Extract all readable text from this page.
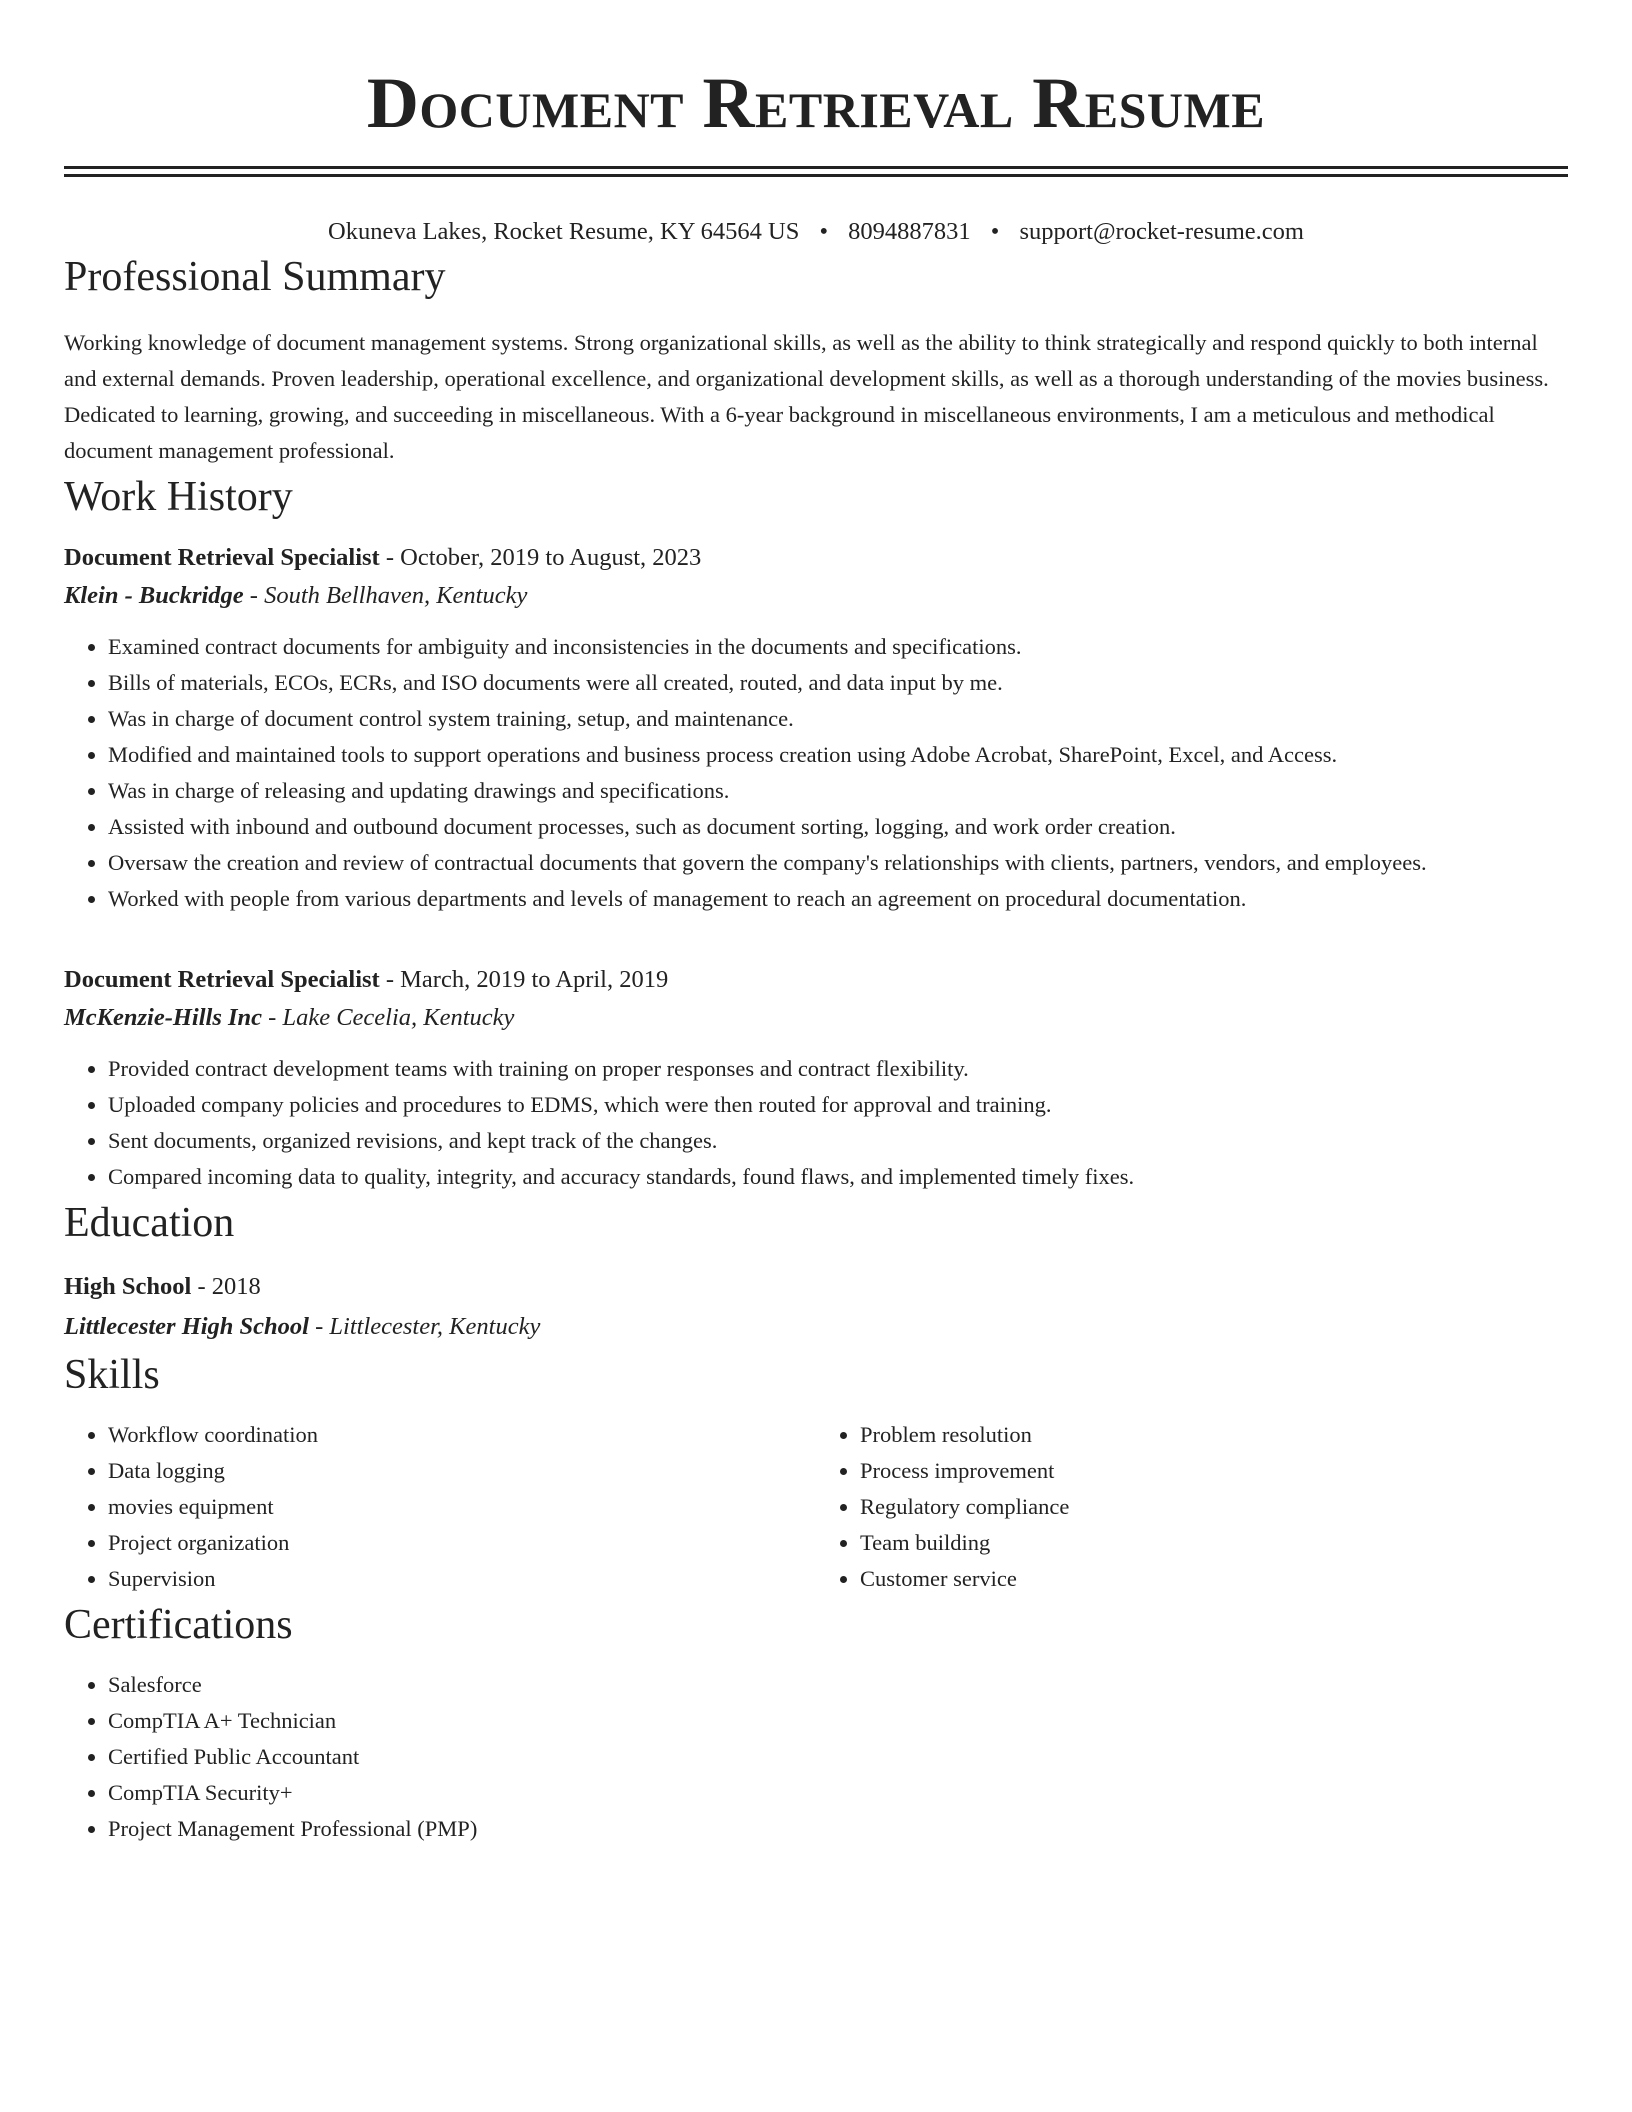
Document Retrieval Resume
Okuneva Lakes, Rocket Resume, KY 64564 US • 8094887831 • support@rocket-resume.com
Professional Summary

Working knowledge of document management systems. Strong organizational skills, as well as the ability to think strategically and respond quickly to both internal and external demands. Proven leadership, operational excellence, and organizational development skills, as well as a thorough understanding of the movies business. Dedicated to learning, growing, and succeeding in miscellaneous. With a 6-year background in miscellaneous environments, I am a meticulous and methodical document management professional.

Work History
Document Retrieval Specialist - October, 2019 to August, 2023
Klein - Buckridge - South Bellhaven, Kentucky
• Examined contract documents for ambiguity and inconsistencies in the documents and specifications.
• Bills of materials, ECOs, ECRs, and ISO documents were all created, routed, and data input by me.
• Was in charge of document control system training, setup, and maintenance.
• Modified and maintained tools to support operations and business process creation using Adobe Acrobat, SharePoint, Excel, and Access.
• Was in charge of releasing and updating drawings and specifications.
• Assisted with inbound and outbound document processes, such as document sorting, logging, and work order creation.
• Oversaw the creation and review of contractual documents that govern the company's relationships with clients, partners, vendors, and employees.
• Worked with people from various departments and levels of management to reach an agreement on procedural documentation.
Document Retrieval Specialist - March, 2019 to April, 2019
McKenzie-Hills Inc - Lake Cecelia, Kentucky
• Provided contract development teams with training on proper responses and contract flexibility.
• Uploaded company policies and procedures to EDMS, which were then routed for approval and training.
• Sent documents, organized revisions, and kept track of the changes.
• Compared incoming data to quality, integrity, and accuracy standards, found flaws, and implemented timely fixes.
Education
High School - 2018
Littlecester High School - Littlecester, Kentucky
Skills
• Workflow coordination
• Data logging
• movies equipment
• Project organization
• Supervision
• Problem resolution
• Process improvement
• Regulatory compliance
• Team building
• Customer service
Certifications
• Salesforce
• CompTIA A+ Technician
• Certified Public Accountant
• CompTIA Security+
• Project Management Professional (PMP)
